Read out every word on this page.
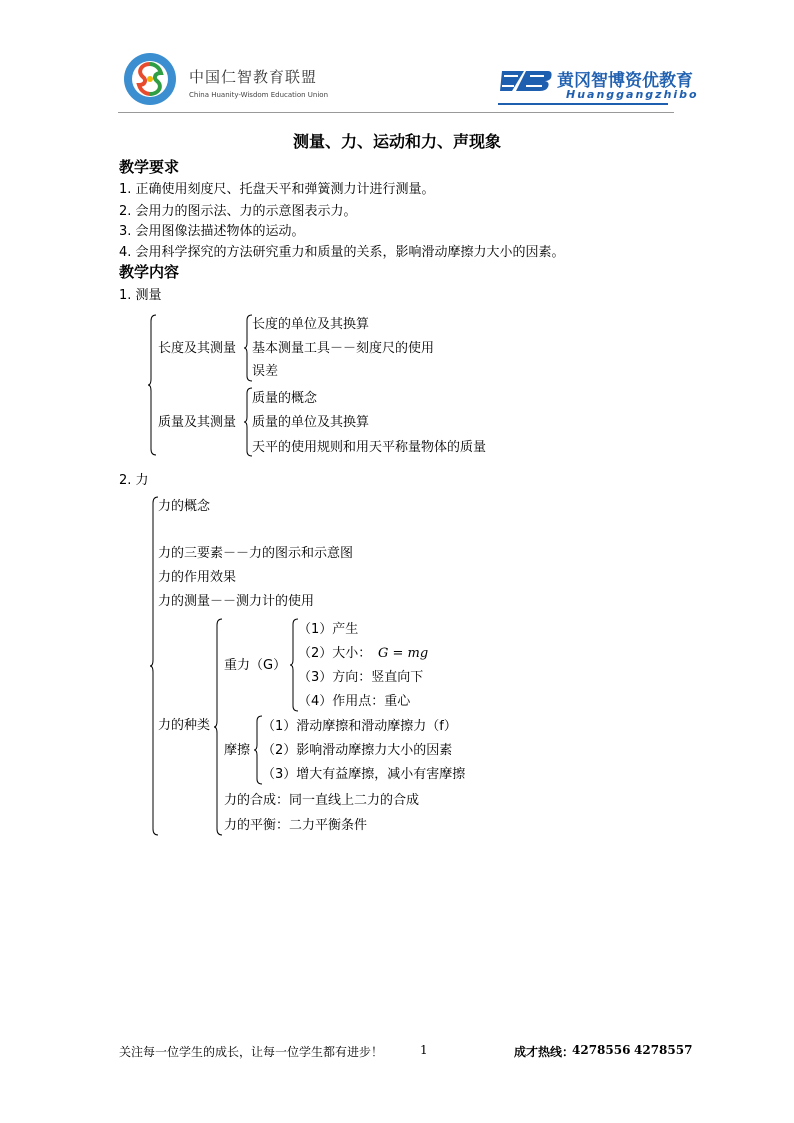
中国仁智教育联盟
China Huanity-Wisdom Education Union
黄冈智博资优教育
Huanggangzhibo
测量、力、运动和力、声现象
教学要求
1. 正确使用刻度尺、托盘天平和弹簧测力计进行测量。
2. 会用力的图示法、力的示意图表示力。
3. 会用图像法描述物体的运动。
4. 会用科学探究的方法研究重力和质量的关系，影响滑动摩擦力大小的因素。
教学内容
1. 测量
长度及其测量
长度的单位及其换算
基本测量工具－－刻度尺的使用
误差
质量及其测量
质量的概念
质量的单位及其换算
天平的使用规则和用天平称量物体的质量
2. 力
力的概念
力的三要素－－力的图示和示意图
力的作用效果
力的测量－－测力计的使用
力的种类
重力（G）
（1）产生
（2）大小： G = mg
（3）方向：竖直向下
（4）作用点：重心
摩擦
（1）滑动摩擦和滑动摩擦力（f）
（2）影响滑动摩擦力大小的因素
（3）增大有益摩擦，减小有害摩擦
力的合成：同一直线上二力的合成
力的平衡：二力平衡条件
关注每一位学生的成长，让每一位学生都有进步！	1	成才热线：
4278556 4278557
